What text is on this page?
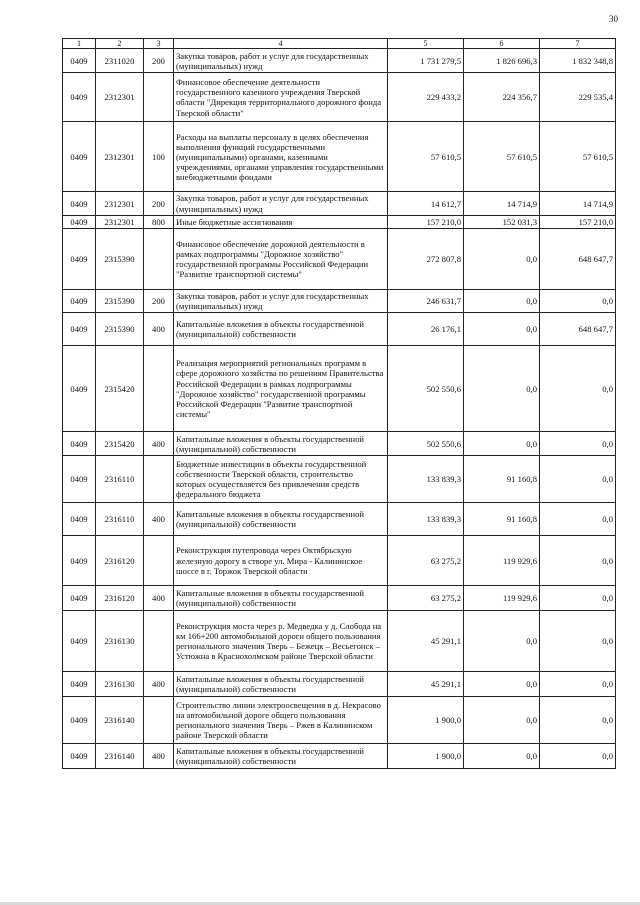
30
1	2	3	4	5	6	7
0409	2311020	200	Закупка товаров, работ и услуг для государственных (муниципальных) нужд	1 731 279,5	1 826 696,3	1 832 348,8
0409	2312301		Финансовое обеспечение деятельности государственного казенного учреждения Тверской области "Дирекция территориального дорожного фонда Тверской области"	229 433,2	224 356,7	229 535,4
0409	2312301	100	Расходы на выплаты персоналу в целях обеспечения выполнения функций государственными (муниципальными) органами, казенными учреждениями, органами управления государственными внебюджетными фондами	57 610,5	57 610,5	57 610,5
0409	2312301	200	Закупка товаров, работ и услуг для государственных (муниципальных) нужд	14 612,7	14 714,9	14 714,9
0409	2312301	800	Иные бюджетные ассигнования	157 210,0	152 031,3	157 210,0
0409	2315390		Финансовое обеспечение дорожной деятельности в рамках подпрограммы "Дорожное хозяйство" государственной программы Российской Федерации "Развитие транспортной системы"	272 807,8	0,0	648 647,7
0409	2315390	200	Закупка товаров, работ и услуг для государственных (муниципальных) нужд	246 631,7	0,0	0,0
0409	2315390	400	Капитальные вложения в объекты государственной (муниципальной) собственности	26 176,1	0,0	648 647,7
0409	2315420		Реализация мероприятий региональных программ в сфере дорожного хозяйства по решениям Правительства Российской Федерации в рамках подпрограммы "Дорожное хозяйство" государственной программы Российской Федерации "Развитие транспортной системы"	502 550,6	0,0	0,0
0409	2315420	400	Капитальные вложения в объекты государственной (муниципальной) собственности	502 550,6	0,0	0,0
0409	2316110		Бюджетные инвестиции в объекты государственной собственности Тверской области, строительство которых осуществляется без привлечения средств федерального бюджета	133 839,3	91 160,8	0,0
0409	2316110	400	Капитальные вложения в объекты государственной (муниципальной) собственности	133 839,3	91 160,8	0,0
0409	2316120		Реконструкция путепровода через Октябрьскую железную дорогу в створе ул. Мира - Калининское шоссе в г. Торжок Тверской области	63 275,2	119 929,6	0,0
0409	2316120	400	Капитальные вложения в объекты государственной (муниципальной) собственности	63 275,2	119 929,6	0,0
0409	2316130		Реконструкция моста через р. Медведка у д. Слобода на км 166+200 автомобильной дороги общего пользования регионального значения Тверь – Бежецк – Весьегонск – Устюжна в Краснохолмском районе Тверской области	45 291,1	0,0	0,0
0409	2316130	400	Капитальные вложения в объекты государственной (муниципальной) собственности	45 291,1	0,0	0,0
0409	2316140		Строительство линии электроосвещения в д. Некрасово на автомобильной дороге общего пользования регионального значения Тверь – Ржев в Калининском районе Тверской области	1 900,0	0,0	0,0
0409	2316140	400	Капитальные вложения в объекты государственной (муниципальной) собственности	1 900,0	0,0	0,0
